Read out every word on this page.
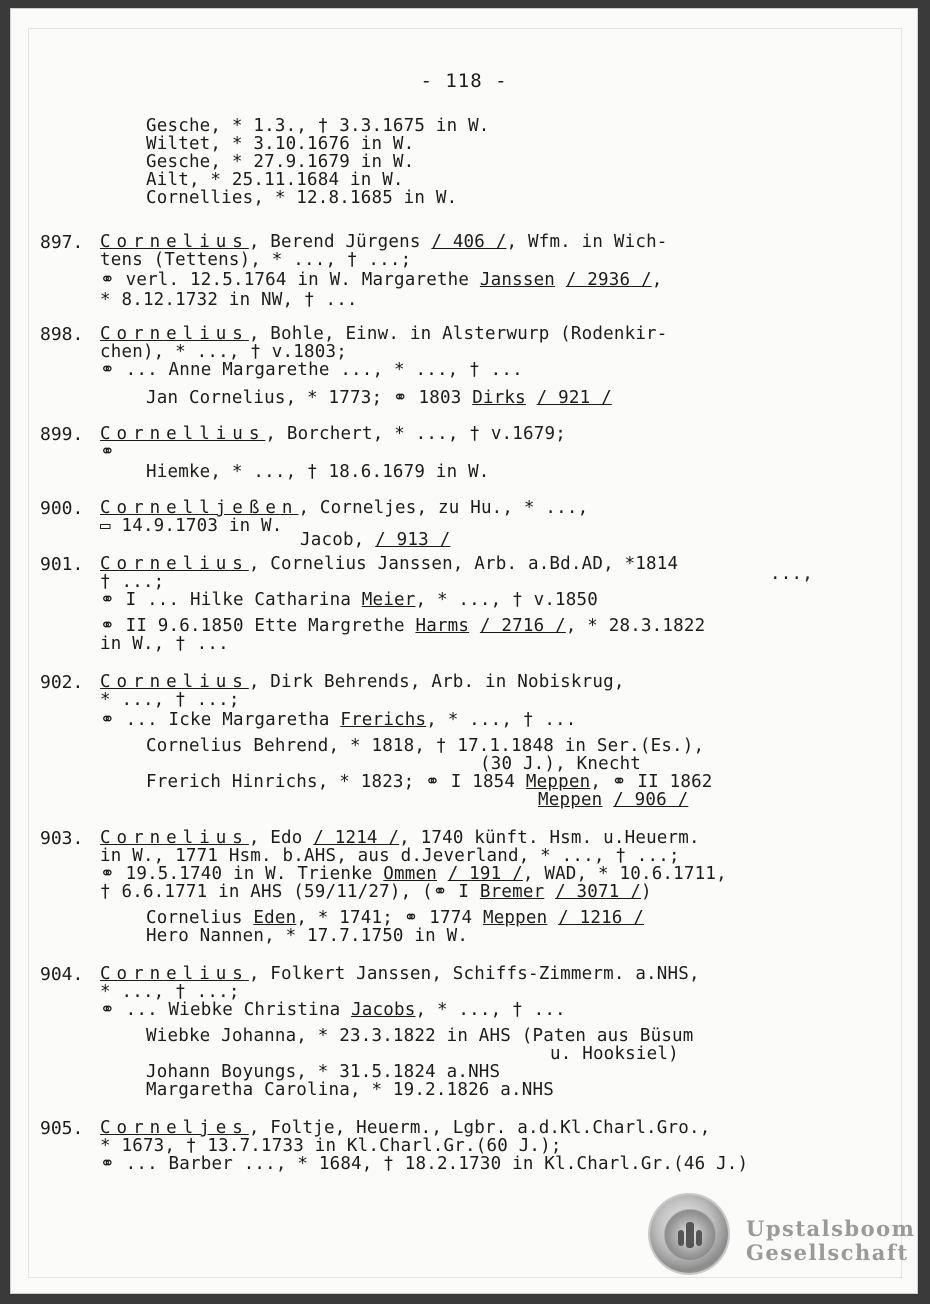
- 118 -
Gesche, * 1.3., † 3.3.1675 in W.
Wiltet, * 3.10.1676 in W.
Gesche, * 27.9.1679 in W.
Ailt, * 25.11.1684 in W.
Cornellies, * 12.8.1685 in W.
897. Cornelius, Berend Jürgens / 406 /, Wfm. in Wich-
tens (Tettens), * ..., † ...;
⚭ verl. 12.5.1764 in W. Margarethe Janssen / 2936 /,
* 8.12.1732 in NW, † ...
898. Cornelius, Bohle, Einw. in Alsterwurp (Rodenkir-
chen), * ..., † v.1803;
⚭ ... Anne Margarethe ..., * ..., † ...
Jan Cornelius, * 1773; ⚭ 1803 Dirks / 921 /
899. Cornellius, Borchert, * ..., † v.1679;
⚭
Hiemke, * ..., † 18.6.1679 in W.
900. Cornelljeßen, Corneljes, zu Hu., * ...,
▭ 14.9.1703 in W.
Jacob, / 913 /
901. Cornelius, Cornelius Janssen, Arb. a.Bd.AD, *1814	...,
† ...;
⚭ I ... Hilke Catharina Meier, * ..., † v.1850
⚭ II 9.6.1850 Ette Margrethe Harms / 2716 /, * 28.3.1822
in W., † ...
902. Cornelius, Dirk Behrends, Arb. in Nobiskrug,
* ..., † ...;
⚭ ... Icke Margaretha Frerichs, * ..., † ...
Cornelius Behrend, * 1818, † 17.1.1848 in Ser.(Es.),
(30 J.), Knecht
Frerich Hinrichs, * 1823; ⚭ I 1854 Meppen, ⚭ II 1862
Meppen / 906 /
903. Cornelius, Edo / 1214 /, 1740 künft. Hsm. u.Heuerm.
in W., 1771 Hsm. b.AHS, aus d.Jeverland, * ..., † ...;
⚭ 19.5.1740 in W. Trienke Ommen / 191 /, WAD, * 10.6.1711,
† 6.6.1771 in AHS (59/11/27), (⚭ I Bremer / 3071 /)
Cornelius Eden, * 1741; ⚭ 1774 Meppen / 1216 /
Hero Nannen, * 17.7.1750 in W.
904. Cornelius, Folkert Janssen, Schiffs-Zimmerm. a.NHS,
* ..., † ...;
⚭ ... Wiebke Christina Jacobs, * ..., † ...
Wiebke Johanna, * 23.3.1822 in AHS (Paten aus Büsum
u. Hooksiel)
Johann Boyungs, * 31.5.1824 a.NHS
Margaretha Carolina, * 19.2.1826 a.NHS
905. Corneljes, Foltje, Heuerm., Lgbr. a.d.Kl.Charl.Gro.,
* 1673, † 13.7.1733 in Kl.Charl.Gr.(60 J.);
⚭ ... Barber ..., * 1684, † 18.2.1730 in Kl.Charl.Gr.(46 J.)
Upstalsboom
Gesellschaft
